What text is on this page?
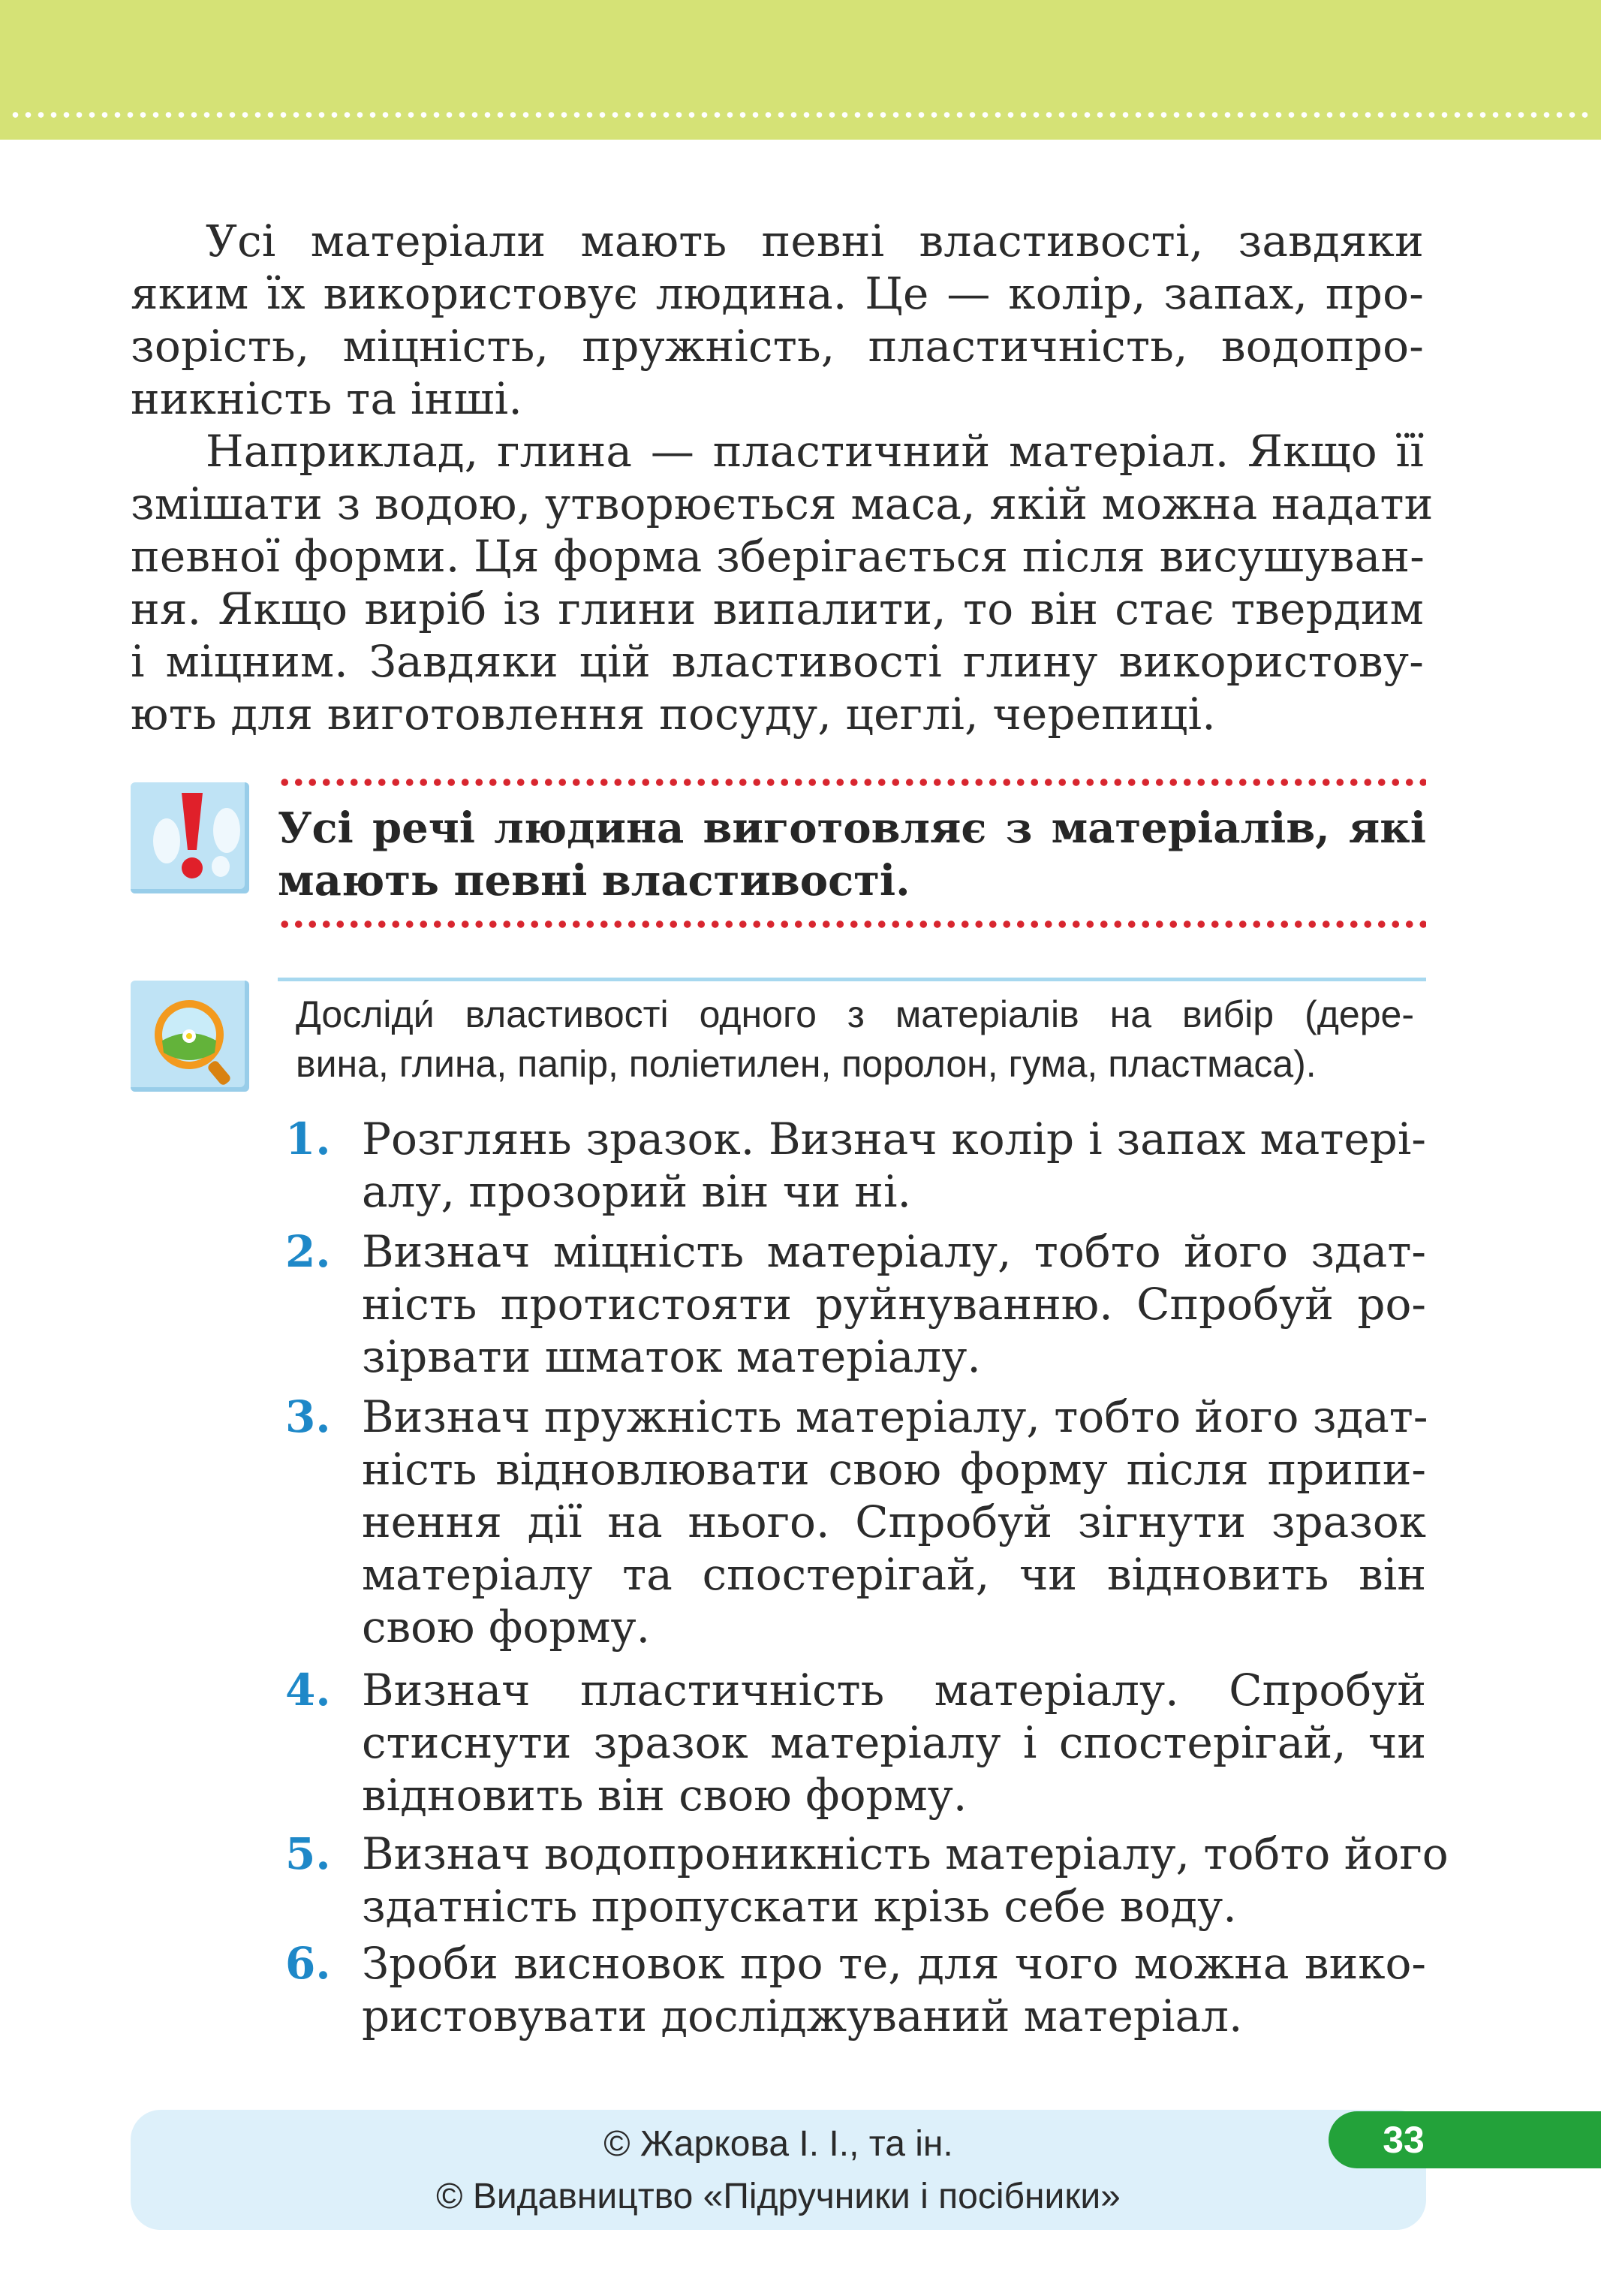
Усі матеріали мають певні властивості, завдяки
яким їх використовує людина. Це — колір, запах, про-
зорість, міцність, пружність, пластичність, водопро-
никність та інші.
Наприклад, глина — пластичний матеріал. Якщо її
змішати з водою, утворюється маса, якій можна надати
певної форми. Ця форма зберігається після висушуван-
ня. Якщо виріб із глини випалити, то він стає твердим
і міцним. Завдяки цій властивості глину використову-
ють для виготовлення посуду, цеглі, черепиці.
Усі речі людина виготовляє з матеріалів, які
мають певні властивості.
Досліди́ властивості одного з матеріалів на вибір (дере-
вина, глина, папір, поліетилен, поролон, гума, пластмаса).
1. Розглянь зразок. Визнач колір і запах матері-
алу, прозорий він чи ні.
2. Визнач міцність матеріалу, тобто його здат-
ність протистояти руйнуванню. Спробуй ро-
зірвати шматок матеріалу.
3. Визнач пружність матеріалу, тобто його здат-
ність відновлювати свою форму після припи-
нення дії на нього. Спробуй зігнути зразок
матеріалу та спостерігай, чи відновить він
свою форму.
4. Визнач пластичність матеріалу. Спробуй
стиснути зразок матеріалу і спостерігай, чи
відновить він свою форму.
5. Визнач водопроникність матеріалу, тобто його
здатність пропускати крізь себе воду.
6. Зроби висновок про те, для чого можна вико-
ристовувати досліджуваний матеріал.
© Жаркова І. І., та ін.
© Видавництво «Підручники і посібники»
33
